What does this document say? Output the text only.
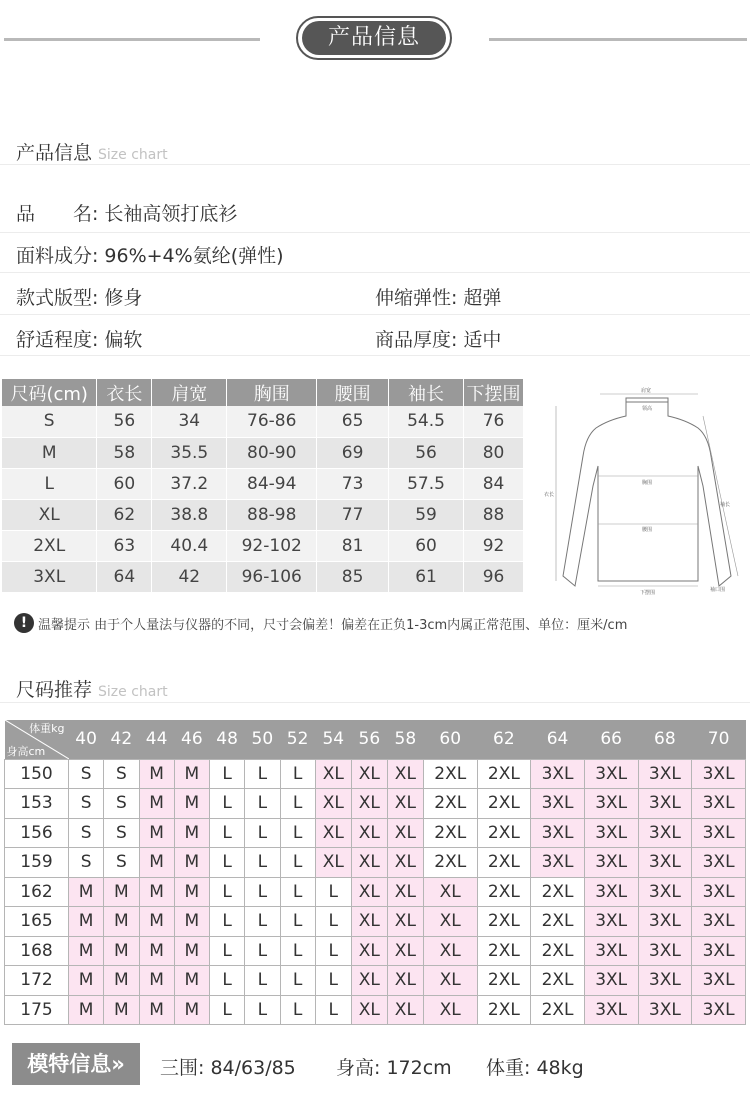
产品信息
产品信息 Size chart
品　　名: 长袖高领打底衫
面料成分: 96%+4%氨纶(弹性)
款式版型: 修身	伸缩弹性: 超弹
舒适程度: 偏软	商品厚度: 适中
尺码(cm)	衣长	肩宽	胸围	腰围	袖长	下摆围
S	56	34	76-86	65	54.5	76
M	58	35.5	80-90	69	56	80
L	60	37.2	84-94	73	57.5	84
XL	62	38.8	88-98	77	59	88
2XL	63	40.4	92-102	81	60	92
3XL	64	42	96-106	85	61	96
肩宽
领高
胸围
腰围
衣长
袖长
下摆围	袖口围
! 温馨提示 由于个人量法与仪器的不同，尺寸会偏差！偏差在正负1-3cm内属正常范围、单位：厘米/cm
尺码推荐 Size chart
体重kg
身高cm	40	42	44	46	48	50	52	54	56	58	60	62	64	66	68	70
150	S	S	M	M	L	L	L	XL	XL	XL	2XL	2XL	3XL	3XL	3XL	3XL
153	S	S	M	M	L	L	L	XL	XL	XL	2XL	2XL	3XL	3XL	3XL	3XL
156	S	S	M	M	L	L	L	XL	XL	XL	2XL	2XL	3XL	3XL	3XL	3XL
159	S	S	M	M	L	L	L	XL	XL	XL	2XL	2XL	3XL	3XL	3XL	3XL
162	M	M	M	M	L	L	L	L	XL	XL	XL	2XL	2XL	3XL	3XL	3XL
165	M	M	M	M	L	L	L	L	XL	XL	XL	2XL	2XL	3XL	3XL	3XL
168	M	M	M	M	L	L	L	L	XL	XL	XL	2XL	2XL	3XL	3XL	3XL
172	M	M	M	M	L	L	L	L	XL	XL	XL	2XL	2XL	3XL	3XL	3XL
175	M	M	M	M	L	L	L	L	XL	XL	XL	2XL	2XL	3XL	3XL	3XL
模特信息»	三围: 84/63/85 身高: 172cm 体重: 48kg
